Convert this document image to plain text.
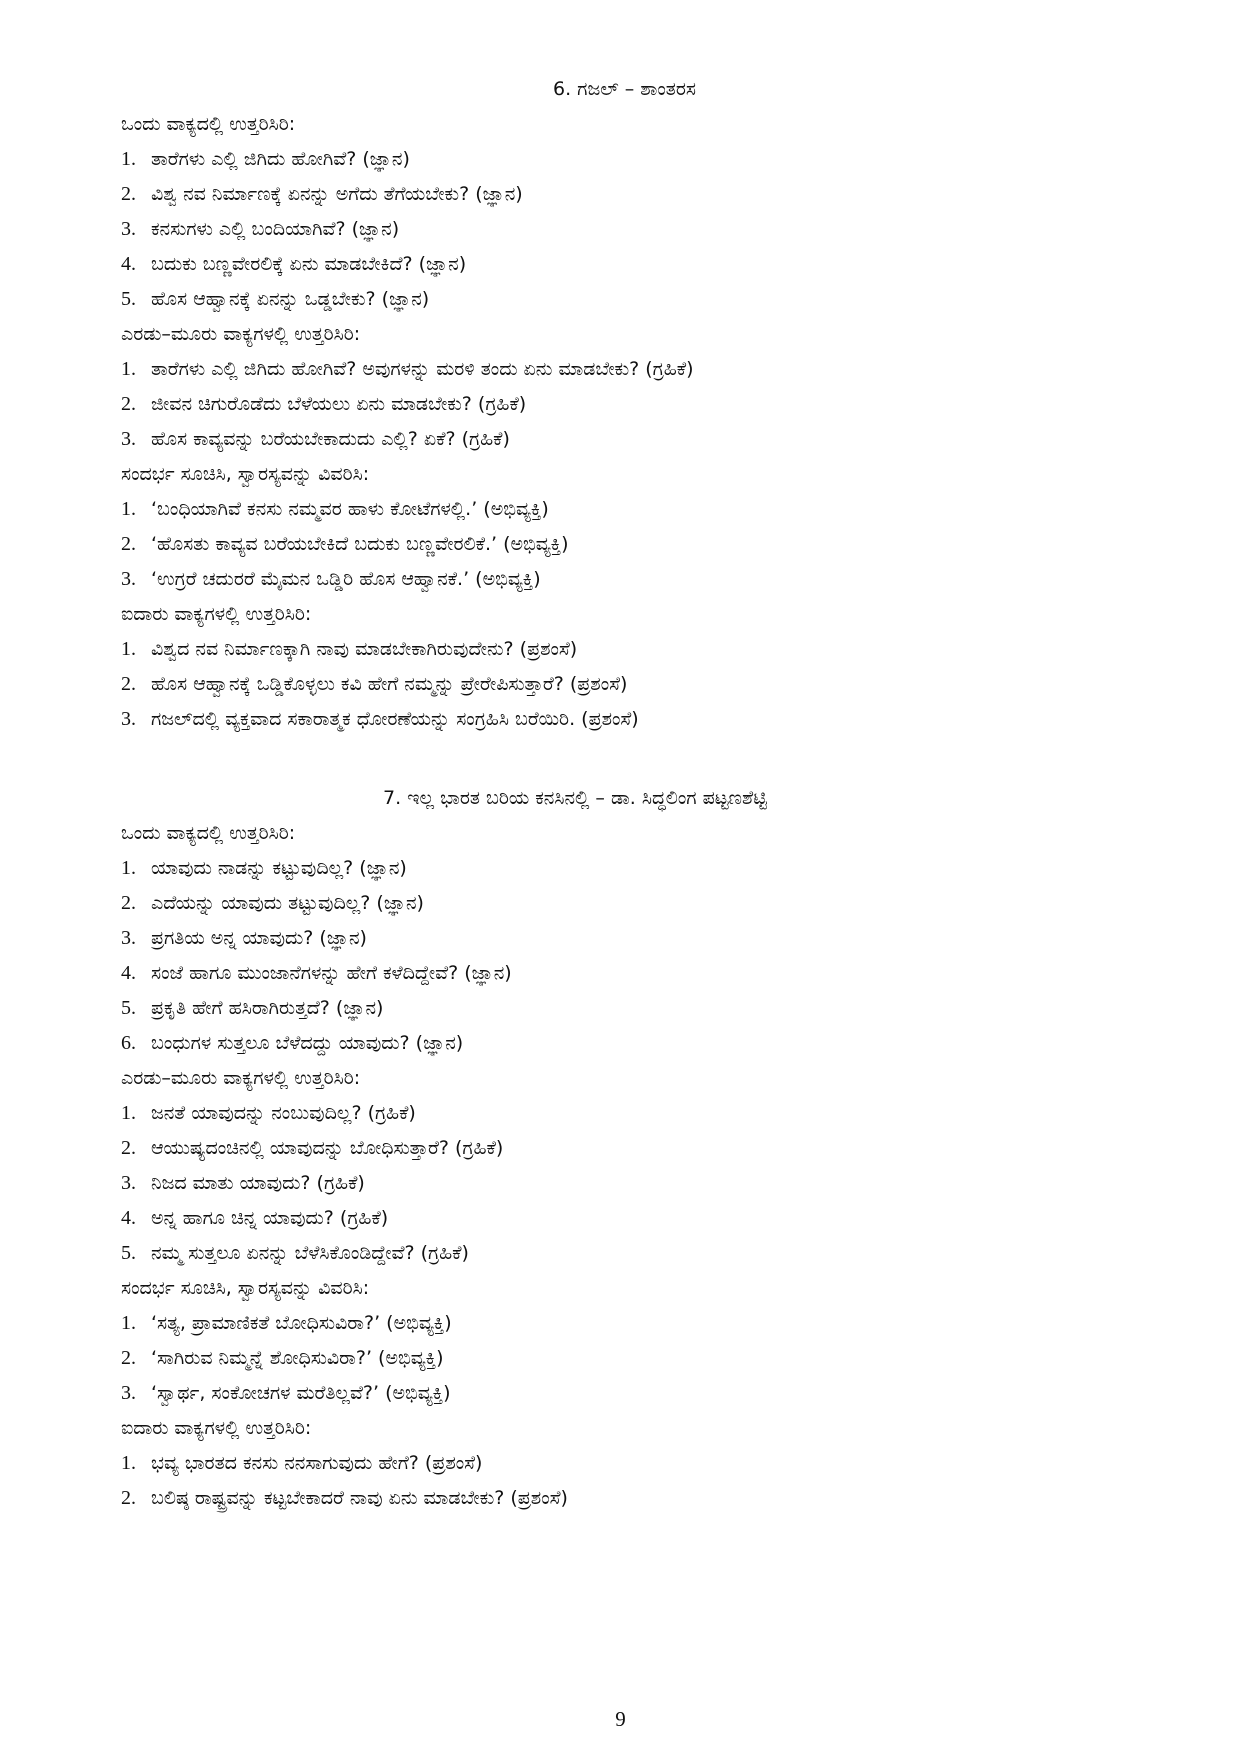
6. ಗಜಲ್ – ಶಾಂತರಸ
ಒಂದು ವಾಕ್ಯದಲ್ಲಿ ಉತ್ತರಿಸಿರಿ:
1. ತಾರೆಗಳು ಎಲ್ಲಿ ಜಿಗಿದು ಹೋಗಿವೆ? (ಜ್ಞಾನ)
2. ವಿಶ್ವ ನವ ನಿರ್ಮಾಣಕ್ಕೆ ಏನನ್ನು ಅಗೆದು ತೆಗೆಯಬೇಕು? (ಜ್ಞಾನ)
3. ಕನಸುಗಳು ಎಲ್ಲಿ ಬಂದಿಯಾಗಿವೆ? (ಜ್ಞಾನ)
4. ಬದುಕು ಬಣ್ಣವೇರಲಿಕ್ಕೆ ಏನು ಮಾಡಬೇಕಿದೆ? (ಜ್ಞಾನ)
5. ಹೊಸ ಆಹ್ವಾನಕ್ಕೆ ಏನನ್ನು ಒಡ್ಡಬೇಕು? (ಜ್ಞಾನ)
ಎರಡು–ಮೂರು ವಾಕ್ಯಗಳಲ್ಲಿ ಉತ್ತರಿಸಿರಿ:
1. ತಾರೆಗಳು ಎಲ್ಲಿ ಜಿಗಿದು ಹೋಗಿವೆ? ಅವುಗಳನ್ನು ಮರಳಿ ತಂದು ಏನು ಮಾಡಬೇಕು? (ಗ್ರಹಿಕೆ)
2. ಜೀವನ ಚಿಗುರೊಡೆದು ಬೆಳೆಯಲು ಏನು ಮಾಡಬೇಕು? (ಗ್ರಹಿಕೆ)
3. ಹೊಸ ಕಾವ್ಯವನ್ನು ಬರೆಯಬೇಕಾದುದು ಎಲ್ಲಿ? ಏಕೆ? (ಗ್ರಹಿಕೆ)
ಸಂದರ್ಭ ಸೂಚಿಸಿ, ಸ್ವಾರಸ್ಯವನ್ನು ವಿವರಿಸಿ:
1. ‘ಬಂಧಿಯಾಗಿವೆ ಕನಸು ನಮ್ಮವರ ಹಾಳು ಕೋಟೆಗಳಲ್ಲಿ.’ (ಅಭಿವ್ಯಕ್ತಿ)
2. ‘ಹೊಸತು ಕಾವ್ಯವ ಬರೆಯಬೇಕಿದೆ ಬದುಕು ಬಣ್ಣವೇರಲಿಕೆ.’ (ಅಭಿವ್ಯಕ್ತಿ)
3. ‘ಉಗ್ರರೆ ಚದುರರೆ ಮೈಮನ ಒಡ್ಡಿರಿ ಹೊಸ ಆಹ್ವಾನಕೆ.’ (ಅಭಿವ್ಯಕ್ತಿ)
ಐದಾರು ವಾಕ್ಯಗಳಲ್ಲಿ ಉತ್ತರಿಸಿರಿ:
1. ವಿಶ್ವದ ನವ ನಿರ್ಮಾಣಕ್ಕಾಗಿ ನಾವು ಮಾಡಬೇಕಾಗಿರುವುದೇನು? (ಪ್ರಶಂಸೆ)
2. ಹೊಸ ಆಹ್ವಾನಕ್ಕೆ ಒಡ್ಡಿಕೊಳ್ಳಲು ಕವಿ ಹೇಗೆ ನಮ್ಮನ್ನು ಪ್ರೇರೇಪಿಸುತ್ತಾರೆ? (ಪ್ರಶಂಸೆ)
3. ಗಜಲ್‌ದಲ್ಲಿ ವ್ಯಕ್ತವಾದ ಸಕಾರಾತ್ಮಕ ಧೋರಣೆಯನ್ನು ಸಂಗ್ರಹಿಸಿ ಬರೆಯಿರಿ. (ಪ್ರಶಂಸೆ)
7. ಇಲ್ಲ ಭಾರತ ಬರಿಯ ಕನಸಿನಲ್ಲಿ – ಡಾ. ಸಿದ್ಧಲಿಂಗ ಪಟ್ಟಣಶೆಟ್ಟಿ
ಒಂದು ವಾಕ್ಯದಲ್ಲಿ ಉತ್ತರಿಸಿರಿ:
1. ಯಾವುದು ನಾಡನ್ನು ಕಟ್ಟುವುದಿಲ್ಲ? (ಜ್ಞಾನ)
2. ಎದೆಯನ್ನು ಯಾವುದು ತಟ್ಟುವುದಿಲ್ಲ? (ಜ್ಞಾನ)
3. ಪ್ರಗತಿಯ ಅನ್ನ ಯಾವುದು? (ಜ್ಞಾನ)
4. ಸಂಜೆ ಹಾಗೂ ಮುಂಜಾನೆಗಳನ್ನು ಹೇಗೆ ಕಳೆದಿದ್ದೇವೆ? (ಜ್ಞಾನ)
5. ಪ್ರಕೃತಿ ಹೇಗೆ ಹಸಿರಾಗಿರುತ್ತದೆ? (ಜ್ಞಾನ)
6. ಬಂಧುಗಳ ಸುತ್ತಲೂ ಬೆಳೆದದ್ದು ಯಾವುದು? (ಜ್ಞಾನ)
ಎರಡು–ಮೂರು ವಾಕ್ಯಗಳಲ್ಲಿ ಉತ್ತರಿಸಿರಿ:
1. ಜನತೆ ಯಾವುದನ್ನು ನಂಬುವುದಿಲ್ಲ? (ಗ್ರಹಿಕೆ)
2. ಆಯುಷ್ಯದಂಚಿನಲ್ಲಿ ಯಾವುದನ್ನು ಬೋಧಿಸುತ್ತಾರೆ? (ಗ್ರಹಿಕೆ)
3. ನಿಜದ ಮಾತು ಯಾವುದು? (ಗ್ರಹಿಕೆ)
4. ಅನ್ನ ಹಾಗೂ ಚಿನ್ನ ಯಾವುದು? (ಗ್ರಹಿಕೆ)
5. ನಮ್ಮ ಸುತ್ತಲೂ ಏನನ್ನು ಬೆಳೆಸಿಕೊಂಡಿದ್ದೇವೆ? (ಗ್ರಹಿಕೆ)
ಸಂದರ್ಭ ಸೂಚಿಸಿ, ಸ್ವಾರಸ್ಯವನ್ನು ವಿವರಿಸಿ:
1. ‘ಸತ್ಯ, ಪ್ರಾಮಾಣಿಕತೆ ಬೋಧಿಸುವಿರಾ?’ (ಅಭಿವ್ಯಕ್ತಿ)
2. ‘ಸಾಗಿರುವ ನಿಮ್ಮನ್ನೆ ಶೋಧಿಸುವಿರಾ?’ (ಅಭಿವ್ಯಕ್ತಿ)
3. ‘ಸ್ವಾರ್ಥ, ಸಂಕೋಚಗಳ ಮರೆತಿಲ್ಲವೆ?’ (ಅಭಿವ್ಯಕ್ತಿ)
ಐದಾರು ವಾಕ್ಯಗಳಲ್ಲಿ ಉತ್ತರಿಸಿರಿ:
1. ಭವ್ಯ ಭಾರತದ ಕನಸು ನನಸಾಗುವುದು ಹೇಗೆ? (ಪ್ರಶಂಸೆ)
2. ಬಲಿಷ್ಠ ರಾಷ್ಟ್ರವನ್ನು ಕಟ್ಟಬೇಕಾದರೆ ನಾವು ಏನು ಮಾಡಬೇಕು? (ಪ್ರಶಂಸೆ)
9
